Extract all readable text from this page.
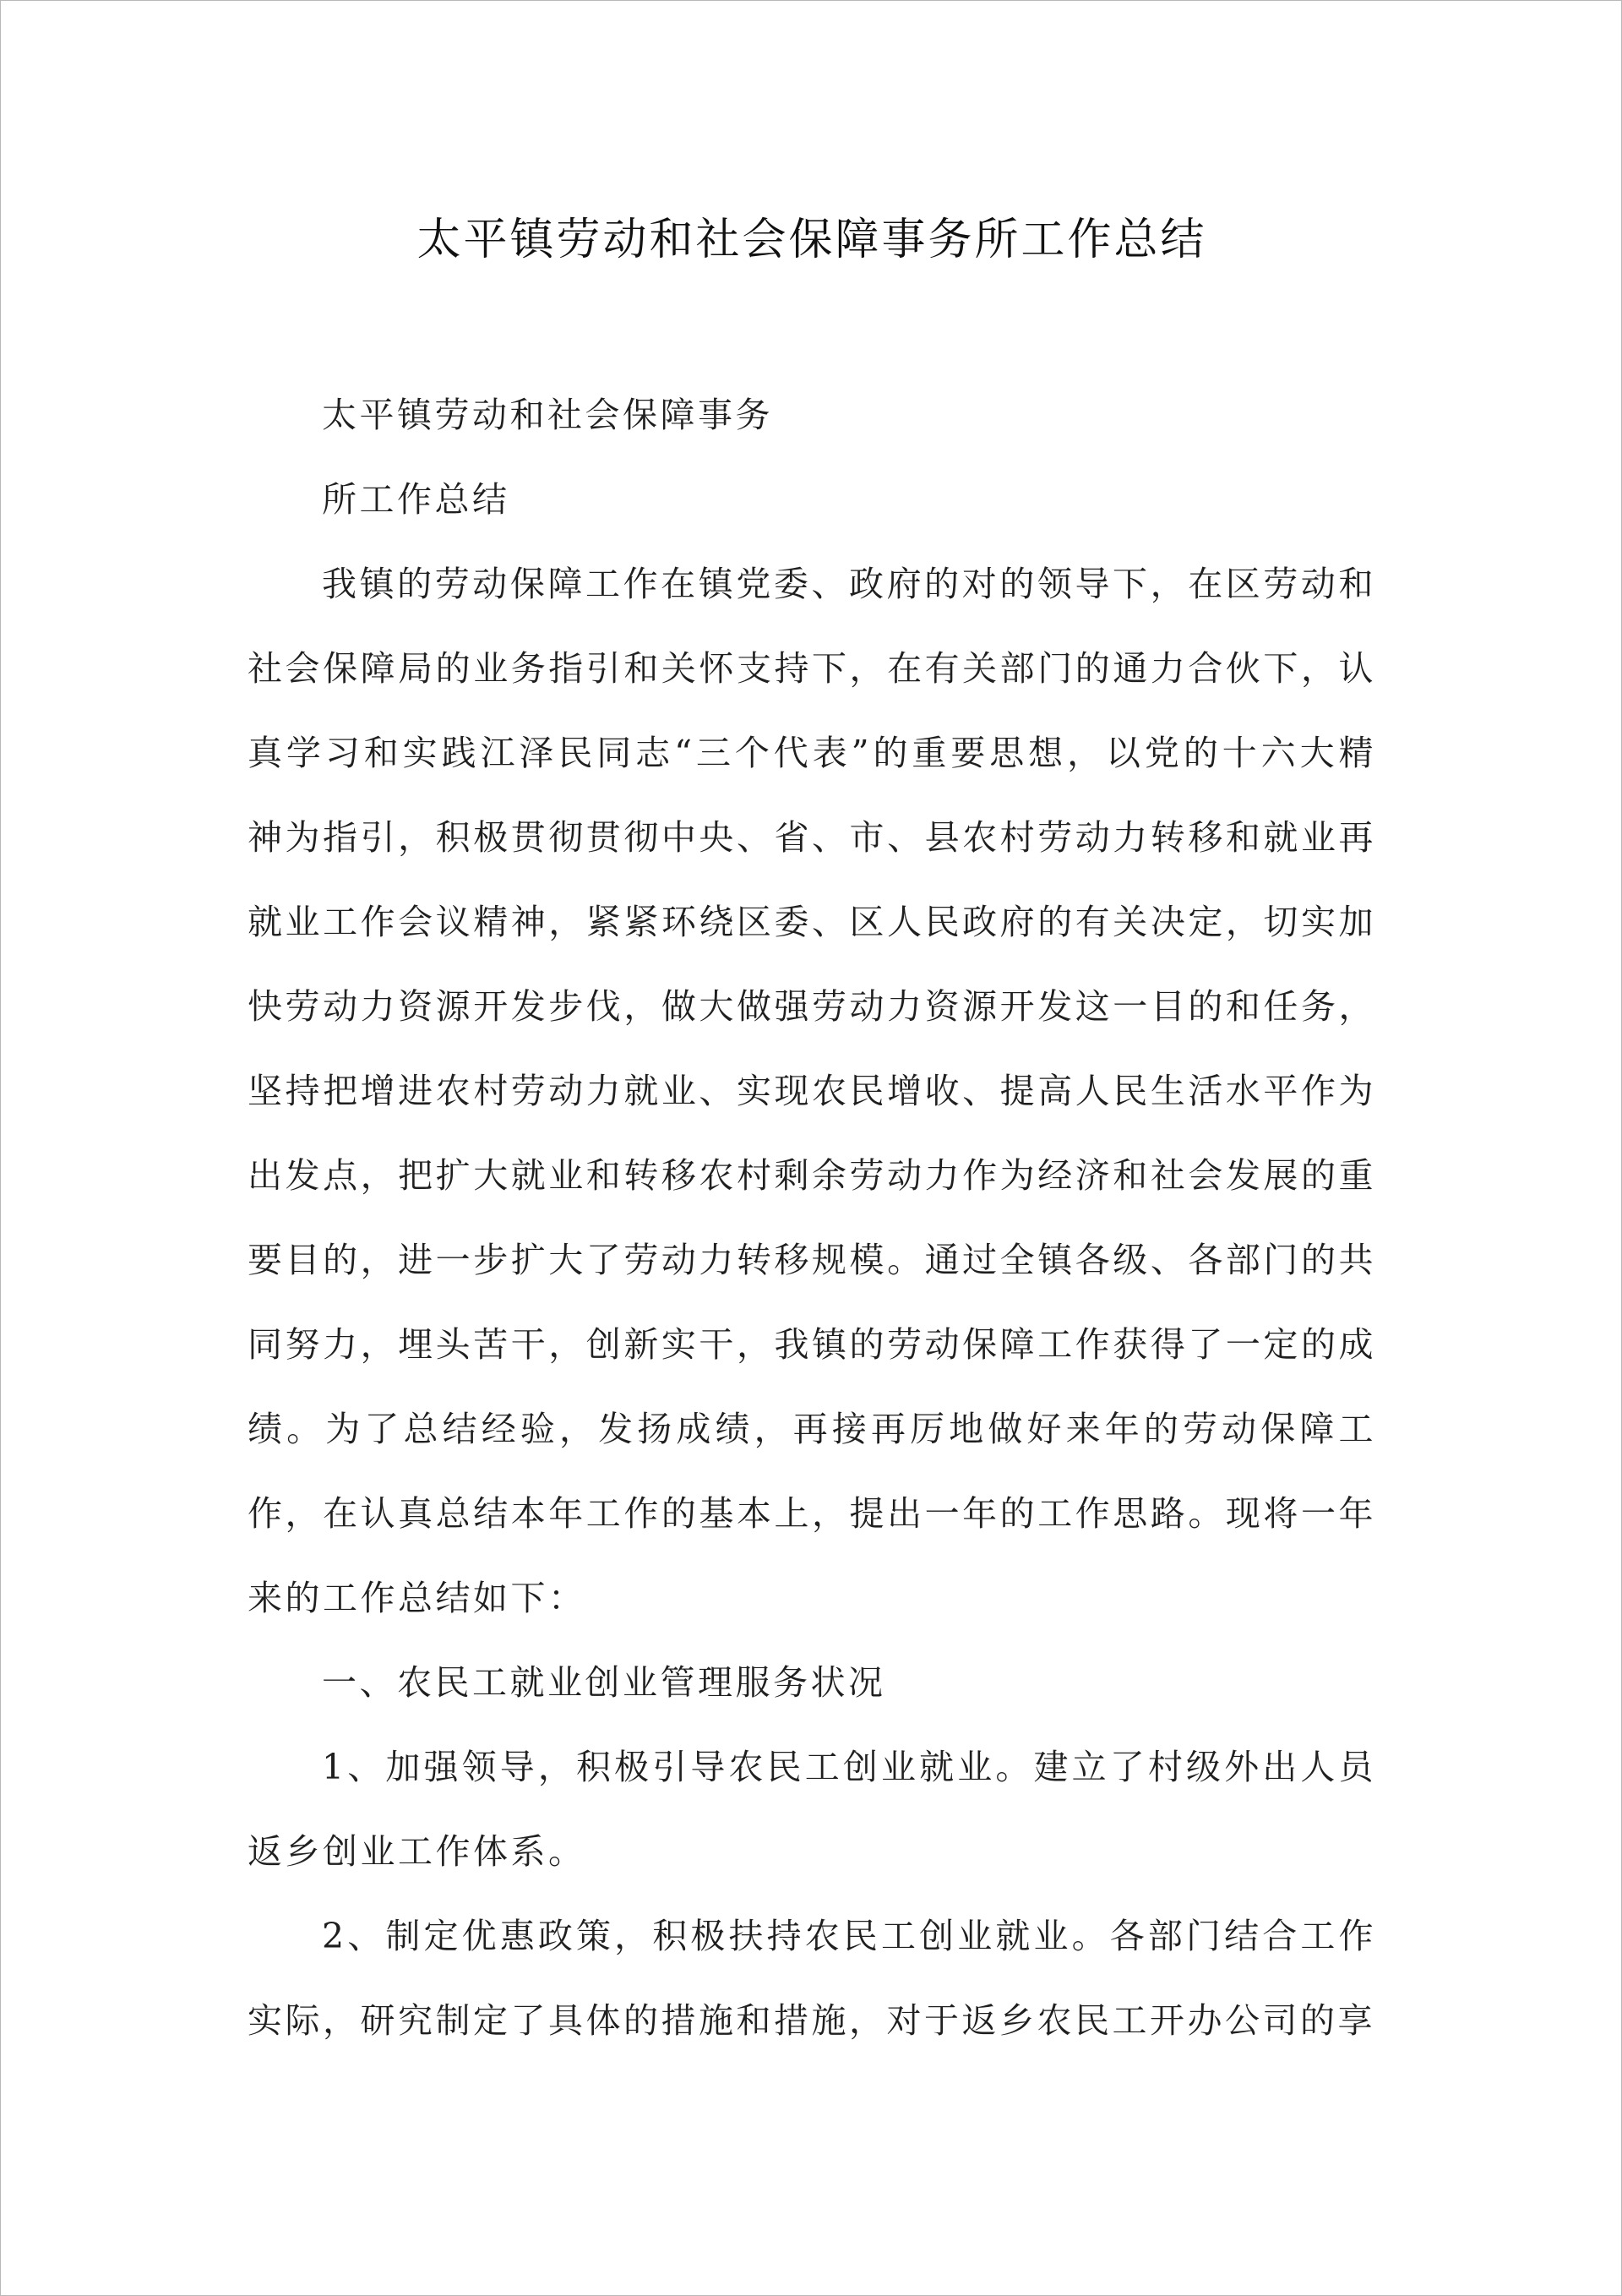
太平镇劳动和社会保障事务所工作总结

太平镇劳动和社会保障事务

所工作总结

我镇的劳动保障工作在镇党委、政府的对的领导下，在区劳动和社会保障局的业务指引和关怀支持下，在有关部门的通力合伙下，认真学习和实践江泽民同志“三个代表”的重要思想，以党的十六大精神为指引，积极贯彻贯彻中央、省、市、县农村劳动力转移和就业再就业工作会议精神，紧紧环绕区委、区人民政府的有关决定，切实加快劳动力资源开发步伐，做大做强劳动力资源开发这一目的和任务，坚持把增进农村劳动力就业、实现农民增收、提高人民生活水平作为出发点，把扩大就业和转移农村剩余劳动力作为经济和社会发展的重要目的，进一步扩大了劳动力转移规模。通过全镇各级、各部门的共同努力，埋头苦干，创新实干，我镇的劳动保障工作获得了一定的成绩。为了总结经验，发扬成绩，再接再厉地做好来年的劳动保障工作，在认真总结本年工作的基本上，提出一年的工作思路。现将一年来的工作总结如下：

一、农民工就业创业管理服务状况

1、加强领导，积极引导农民工创业就业。建立了村级外出人员返乡创业工作体系。

2、制定优惠政策，积极扶持农民工创业就业。各部门结合工作实际，研究制定了具体的措施和措施，对于返乡农民工开办公司的享
